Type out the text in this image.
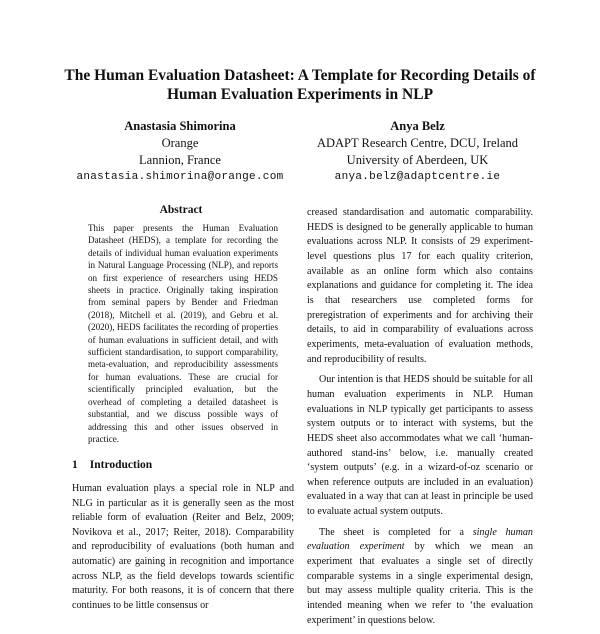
The Human Evaluation Datasheet: A Template for Recording Details of
Human Evaluation Experiments in NLP
Anastasia Shimorina
Orange
Lannion, France
anastasia.shimorina@orange.com
Anya Belz
ADAPT Research Centre, DCU, Ireland
University of Aberdeen, UK
anya.belz@adaptcentre.ie
Abstract

This paper presents the Human Evaluation Datasheet (HEDS), a template for recording the details of individual human evaluation experiments in Natural Language Processing (NLP), and reports on first experience of researchers using HEDS sheets in practice. Originally taking inspiration from seminal papers by Bender and Friedman (2018), Mitchell et al. (2019), and Gebru et al. (2020), HEDS facilitates the recording of properties of human evaluations in sufficient detail, and with sufficient standardisation, to support comparability, meta-evaluation, and reproducibility assessments for human evaluations. These are crucial for scientifically principled evaluation, but the overhead of completing a detailed datasheet is substantial, and we discuss possible ways of addressing this and other issues observed in practice.

1 Introduction

Human evaluation plays a special role in NLP and NLG in particular as it is generally seen as the most reliable form of evaluation (Reiter and Belz, 2009; Novikova et al., 2017; Reiter, 2018). Comparability and reproducibility of evaluations (both human and automatic) are gaining in recognition and importance across NLP, as the field develops towards scientific maturity. For both reasons, it is of concern that there continues to be little consensus or

creased standardisation and automatic comparability. HEDS is designed to be generally applicable to human evaluations across NLP. It consists of 29 experiment-level questions plus 17 for each quality criterion, available as an online form which also contains explanations and guidance for completing it. The idea is that researchers use completed forms for preregistration of experiments and for archiving their details, to aid in comparability of evaluations across experiments, meta-evaluation of evaluation methods, and reproducibility of results.

Our intention is that HEDS should be suitable for all human evaluation experiments in NLP. Human evaluations in NLP typically get participants to assess system outputs or to interact with systems, but the HEDS sheet also accommodates what we call ‘human-authored stand-ins’ below, i.e. manually created ‘system outputs’ (e.g. in a wizard-of-oz scenario or when reference outputs are included in an evaluation) evaluated in a way that can at least in principle be used to evaluate actual system outputs.

The sheet is completed for a single human evaluation experiment by which we mean an experiment that evaluates a single set of directly comparable systems in a single experimental design, but may assess multiple quality criteria. This is the intended meaning when we refer to ‘the evaluation experiment’ in questions below.
